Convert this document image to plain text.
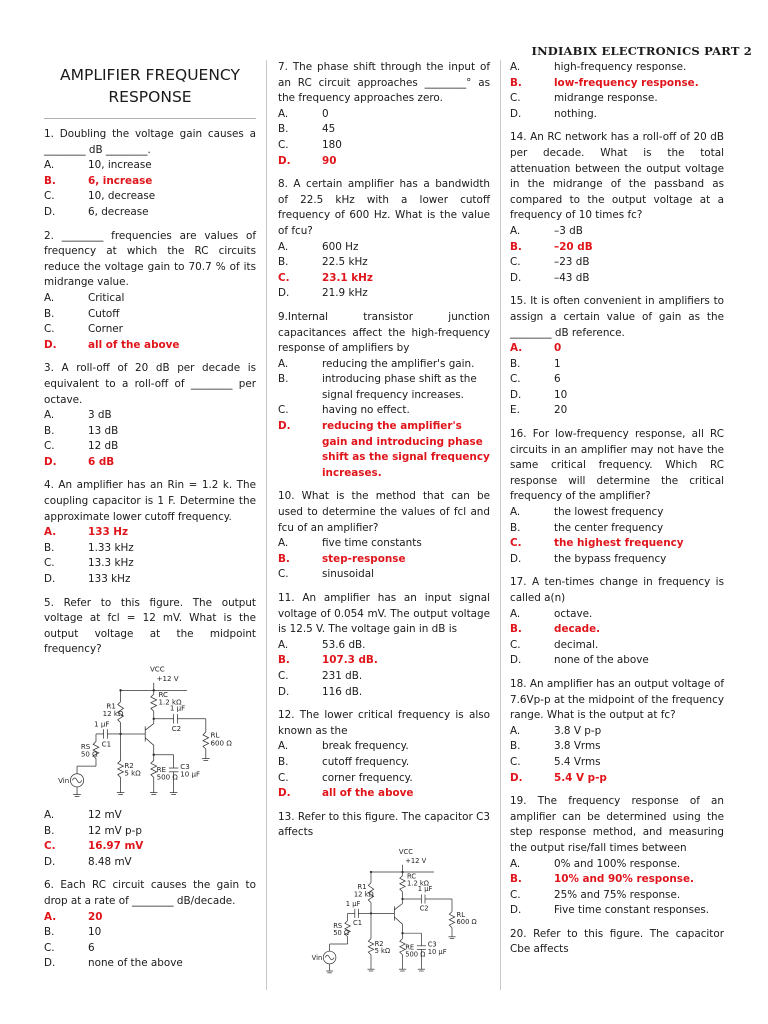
INDIABIX ELECTRONICS PART 2
AMPLIFIER FREQUENCY RESPONSE
1. Doubling the voltage gain causes a ________ dB ________.
A.	10, increase
B.	6, increase
C.	10, decrease
D.	6, decrease
2. ________ frequencies are values of frequency at which the RC circuits reduce the voltage gain to 70.7 % of its midrange value.
A.	Critical
B.	Cutoff
C.	Corner
D.	all of the above
3. A roll-off of 20 dB per decade is equivalent to a roll-off of ________ per octave.
A.	3 dB
B.	13 dB
C.	12 dB
D.	6 dB
4. An amplifier has an Rin = 1.2 k. The coupling capacitor is 1 F. Determine the approximate lower cutoff frequency.
A.	133 Hz
B.	1.33 kHz
C.	13.3 kHz
D.	133 kHz
5. Refer to this figure. The output voltage at fcl = 12 mV. What is the output voltage at the midpoint frequency?
VCC
+12 V
R1
12 kΩ
RC
1.2 kΩ
1 µF
C2
1 µF
C1
RS
50 Ω
R2
5 kΩ RE
500 Ω
C3
10 µF
RL
600 Ω
Vin
A.	12 mV
B.	12 mV p-p
C.	16.97 mV
D.	8.48 mV
6. Each RC circuit causes the gain to drop at a rate of ________ dB/decade.
A.	20
B.	10
C.	6
D.	none of the above
7. The phase shift through the input of an RC circuit approaches ________° as the frequency approaches zero.
A.	0
B.	45
C.	180
D.	90
8. A certain amplifier has a bandwidth of 22.5 kHz with a lower cutoff frequency of 600 Hz. What is the value of fcu?
A.	600 Hz
B.	22.5 kHz
C.	23.1 kHz
D.	21.9 kHz
9.Internal transistor junction capacitances affect the high-frequency response of amplifiers by
A.	reducing the amplifier's gain.
B.	introducing phase shift as the signal frequency increases.
C.	having no effect.
D.	reducing the amplifier's gain and introducing phase shift as the signal frequency increases.
10. What is the method that can be used to determine the values of fcl and fcu of an amplifier?
A.	five time constants
B.	step-response
C.	sinusoidal
11. An amplifier has an input signal voltage of 0.054 mV. The output voltage is 12.5 V. The voltage gain in dB is
A.	53.6 dB.
B.	107.3 dB.
C.	231 dB.
D.	116 dB.
12. The lower critical frequency is also known as the
A.	break frequency.
B.	cutoff frequency.
C.	corner frequency.
D.	all of the above
13. Refer to this figure. The capacitor C3 affects
VCC
+12 V
R1
12 kΩ
RC
1.2 kΩ
1 µF
C2
1 µF
C1
RS
50 Ω
R2
5 kΩ RE
500 Ω
C3
10 µF
RL
600 Ω
Vin
A.	high-frequency response.
B.	low-frequency response.
C.	midrange response.
D.	nothing.
14. An RC network has a roll-off of 20 dB per decade. What is the total attenuation between the output voltage in the midrange of the passband as compared to the output voltage at a frequency of 10 times fc?
A.	–3 dB
B.	–20 dB
C.	–23 dB
D.	–43 dB
15. It is often convenient in amplifiers to assign a certain value of gain as the ________ dB reference.
A.	0
B.	1
C.	6
D.	10
E.	20
16. For low-frequency response, all RC circuits in an amplifier may not have the same critical frequency. Which RC response will determine the critical frequency of the amplifier?
A.	the lowest frequency
B.	the center frequency
C.	the highest frequency
D.	the bypass frequency
17. A ten-times change in frequency is called a(n)
A.	octave.
B.	decade.
C.	decimal.
D.	none of the above
18. An amplifier has an output voltage of 7.6Vp-p at the midpoint of the frequency range. What is the output at fc?
A.	3.8 V p-p
B.	3.8 Vrms
C.	5.4 Vrms
D.	5.4 V p-p
19. The frequency response of an amplifier can be determined using the step response method, and measuring the output rise/fall times between
A.	0% and 100% response.
B.	10% and 90% response.
C.	25% and 75% response.
D.	Five time constant responses.
20. Refer to this figure. The capacitor Cbe affects
